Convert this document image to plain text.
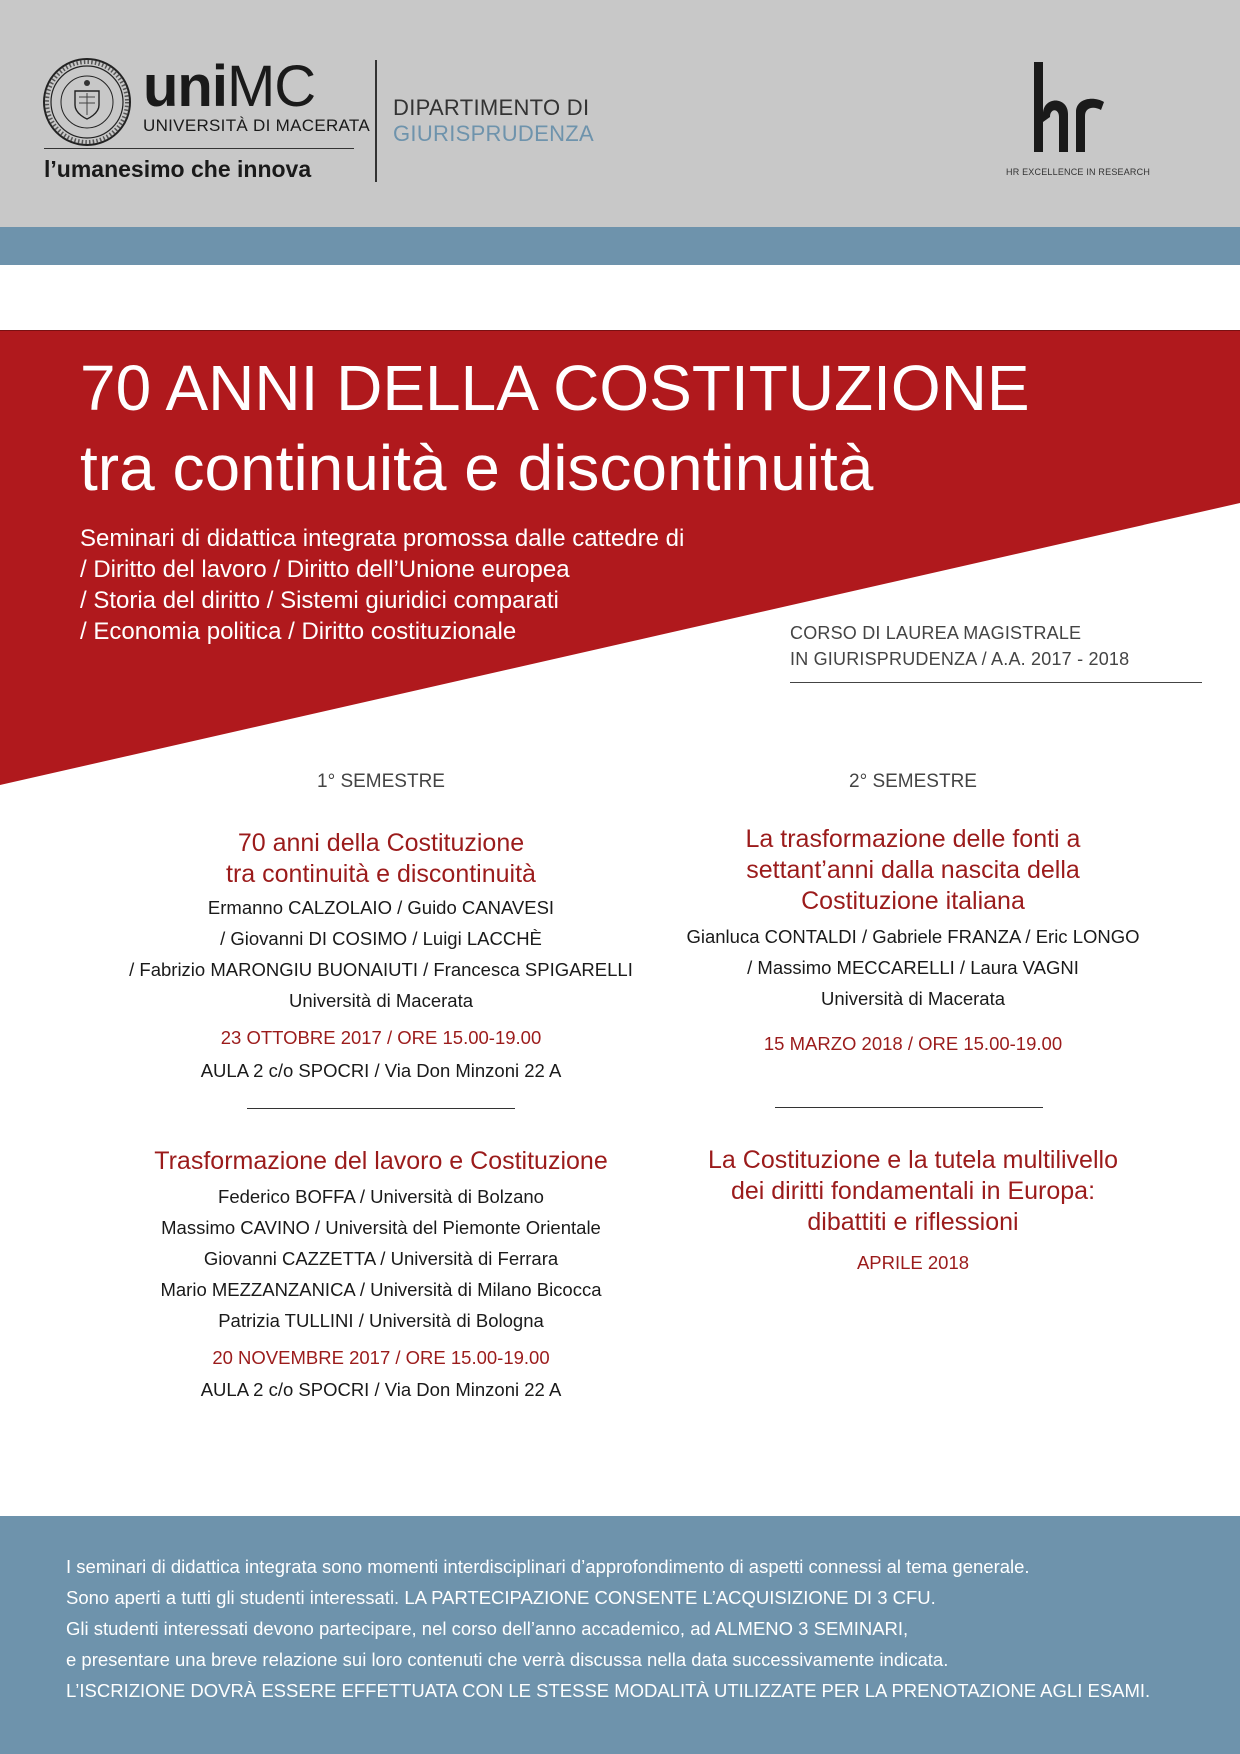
uniMC
UNIVERSITÀ DI MACERATA
l’umanesimo che innova
DIPARTIMENTO DI
GIURISPRUDENZA
HR EXCELLENCE IN RESEARCH
70 ANNI DELLA COSTITUZIONE
tra continuità e discontinuità
Seminari di didattica integrata promossa dalle cattedre di
/ Diritto del lavoro / Diritto dell’Unione europea
/ Storia del diritto / Sistemi giuridici comparati
/ Economia politica / Diritto costituzionale	CORSO DI LAUREA MAGISTRALE
IN GIURISPRUDENZA / A.A. 2017 - 2018
1° SEMESTRE
70 anni della Costituzione
tra continuità e discontinuità
Ermanno CALZOLAIO / Guido CANAVESI
/ Giovanni DI COSIMO / Luigi LACCHÈ
/ Fabrizio MARONGIU BUONAIUTI / Francesca SPIGARELLI
Università di Macerata
23 OTTOBRE 2017 / ORE 15.00-19.00
AULA 2 c/o SPOCRI / Via Don Minzoni 22 A
Trasformazione del lavoro e Costituzione
Federico BOFFA / Università di Bolzano
Massimo CAVINO / Università del Piemonte Orientale
Giovanni CAZZETTA / Università di Ferrara
Mario MEZZANZANICA / Università di Milano Bicocca
Patrizia TULLINI / Università di Bologna
20 NOVEMBRE 2017 / ORE 15.00-19.00
AULA 2 c/o SPOCRI / Via Don Minzoni 22 A
2° SEMESTRE
La trasformazione delle fonti a
settant’anni dalla nascita della
Costituzione italiana
Gianluca CONTALDI / Gabriele FRANZA / Eric LONGO
/ Massimo MECCARELLI / Laura VAGNI
Università di Macerata
15 MARZO 2018 / ORE 15.00-19.00
La Costituzione e la tutela multilivello
dei diritti fondamentali in Europa:
dibattiti e riflessioni
APRILE 2018
I seminari di didattica integrata sono momenti interdisciplinari d’approfondimento di aspetti connessi al tema generale.
Sono aperti a tutti gli studenti interessati. LA PARTECIPAZIONE CONSENTE L’ACQUISIZIONE DI 3 CFU.
Gli studenti interessati devono partecipare, nel corso dell’anno accademico, ad ALMENO 3 SEMINARI,
e presentare una breve relazione sui loro contenuti che verrà discussa nella data successivamente indicata.
L’ISCRIZIONE DOVRÀ ESSERE EFFETTUATA CON LE STESSE MODALITÀ UTILIZZATE PER LA PRENOTAZIONE AGLI ESAMI.
